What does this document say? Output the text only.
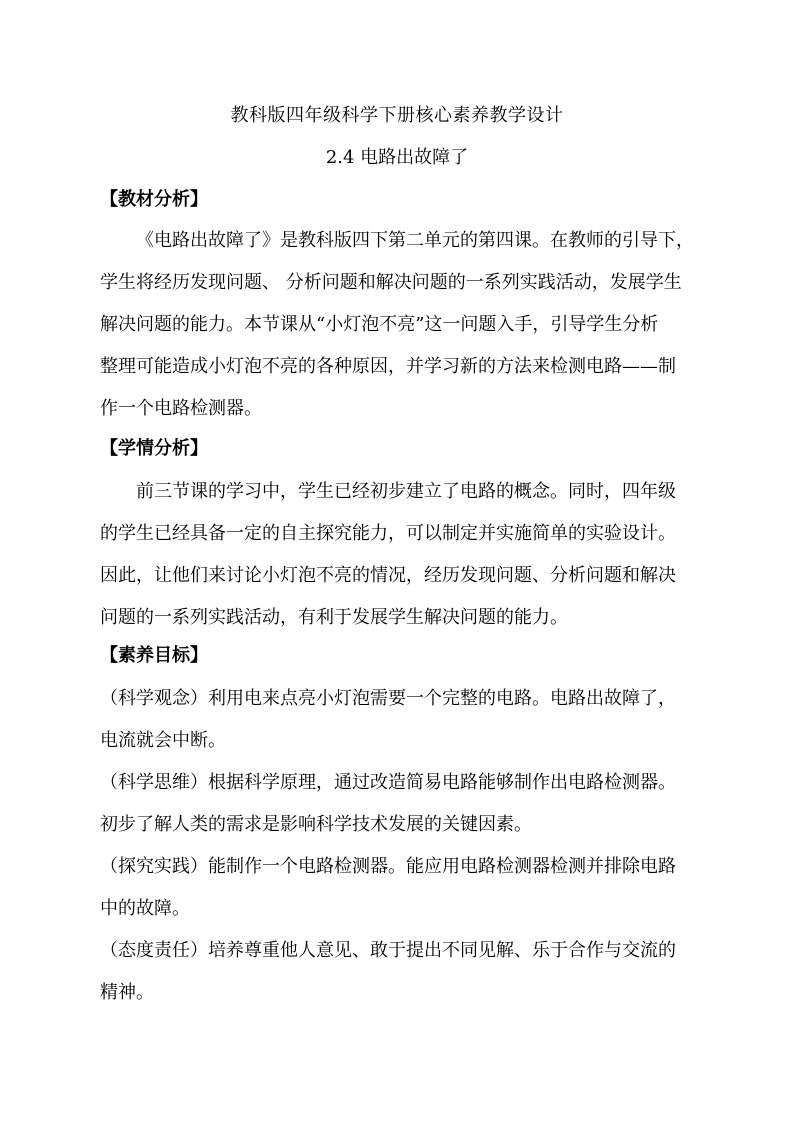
教科版四年级科学下册核心素养教学设计
2.4 电路出故障了
【教材分析】
《电路出故障了》是教科版四下第二单元的第四课。在教师的引导下，
学生将经历发现问题、 分析问题和解决问题的一系列实践活动，发展学生
解决问题的能力。本节课从“小灯泡不亮”这一问题入手，引导学生分析
整理可能造成小灯泡不亮的各种原因，并学习新的方法来检测电路——制
作一个电路检测器。
【学情分析】
前三节课的学习中，学生已经初步建立了电路的概念。同时，四年级
的学生已经具备一定的自主探究能力，可以制定并实施简单的实验设计。
因此，让他们来讨论小灯泡不亮的情况，经历发现问题、分析问题和解决
问题的一系列实践活动，有利于发展学生解决问题的能力。
【素养目标】
（科学观念）利用电来点亮小灯泡需要一个完整的电路。电路出故障了，
电流就会中断。
（科学思维）根据科学原理，通过改造简易电路能够制作出电路检测器。
初步了解人类的需求是影响科学技术发展的关键因素。
（探究实践）能制作一个电路检测器。能应用电路检测器检测并排除电路
中的故障。
（态度责任）培养尊重他人意见、敢于提出不同见解、乐于合作与交流的
精神。
